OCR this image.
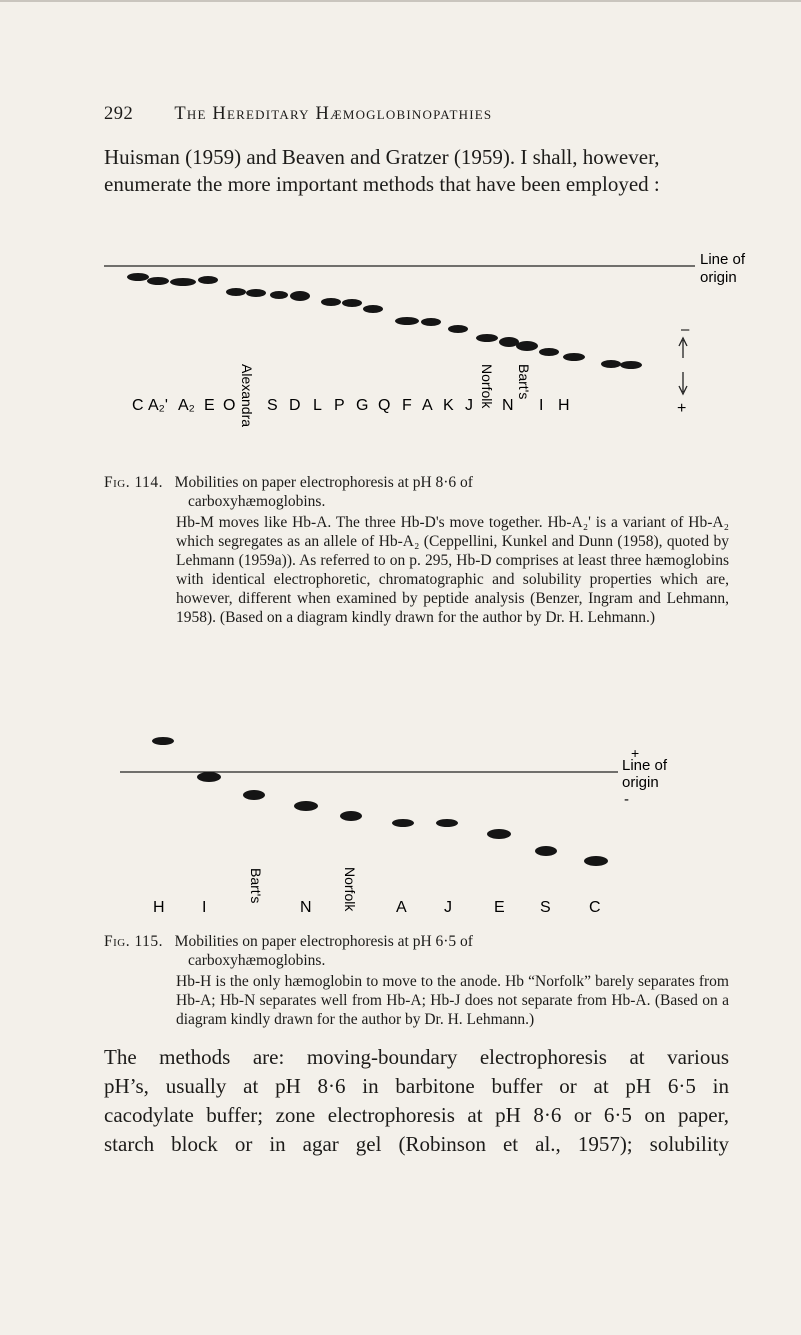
292 The Hereditary Hæmoglobinopathies
Huisman (1959) and Beaven and Gratzer (1959). I shall, however,
enumerate the more important methods that have been employed :
Line of
origin
–
+
C A₂' A₂ E O Alexandra S D L P G Q F A K J Norfolk N
Bart's
I H
Fig. 114. Mobilities on paper electrophoresis at pH 8·6 of
carboxyhæmoglobins.
Hb-M moves like Hb-A. The three Hb-D's move together. Hb-A₂' is a variant of Hb-A₂ which segregates as an allele of Hb-A₂ (Ceppellini, Kunkel and Dunn (1958), quoted by Lehmann (1959a)). As referred to on p. 295, Hb-D comprises at least three hæmoglobins with identical electrophoretic, chromatographic and solubility properties which are, however, different when examined by peptide analysis (Benzer, Ingram and Lehmann, 1958). (Based on a diagram kindly drawn for the author by Dr. H. Lehmann.)
+
Line of
origin
-
H I
Bart's
N Norfolk A J	E S C
Fig. 115. Mobilities on paper electrophoresis at pH 6·5 of
carboxyhæmoglobins.
Hb-H is the only hæmoglobin to move to the anode. Hb “Norfolk” barely separates from Hb-A; Hb-N separates well from Hb-A; Hb-J does not separate from Hb-A. (Based on a diagram kindly drawn for the author by Dr. H. Lehmann.)
The methods are: moving-boundary electrophoresis at various
pH’s, usually at pH 8·6 in barbitone buffer or at pH 6·5 in
cacodylate buffer; zone electrophoresis at pH 8·6 or 6·5 on paper,
starch block or in agar gel (Robinson et al., 1957); solubility
